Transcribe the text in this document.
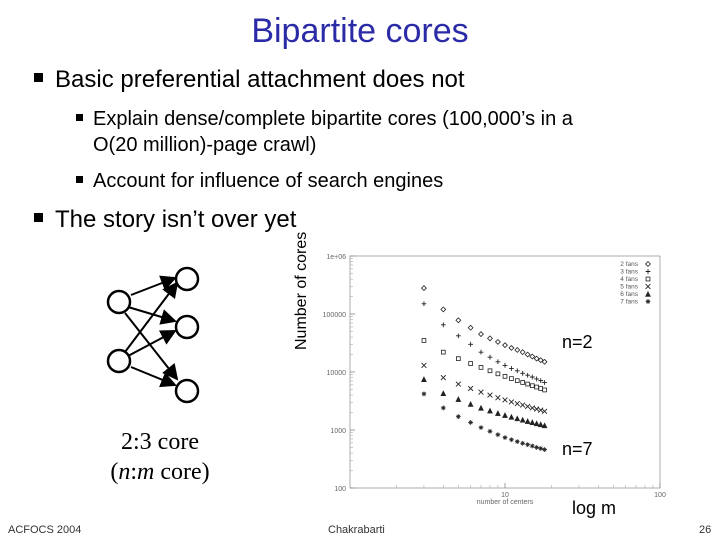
Bipartite cores
Basic preferential attachment does not
Explain dense/complete bipartite cores (100,000’s in a
O(20 million)-page crawl)
Account for influence of search engines
The story isn’t over yet
2:3 core
(n:m core)
100
1000
10000
100000
1e+06
10	100
number of centers
2 fans
3 fans
4 fans
5 fans
6 fans
7 fans
Number of cores	n=2
n=7
log m
ACFOCS 2004	Chakrabarti	26
